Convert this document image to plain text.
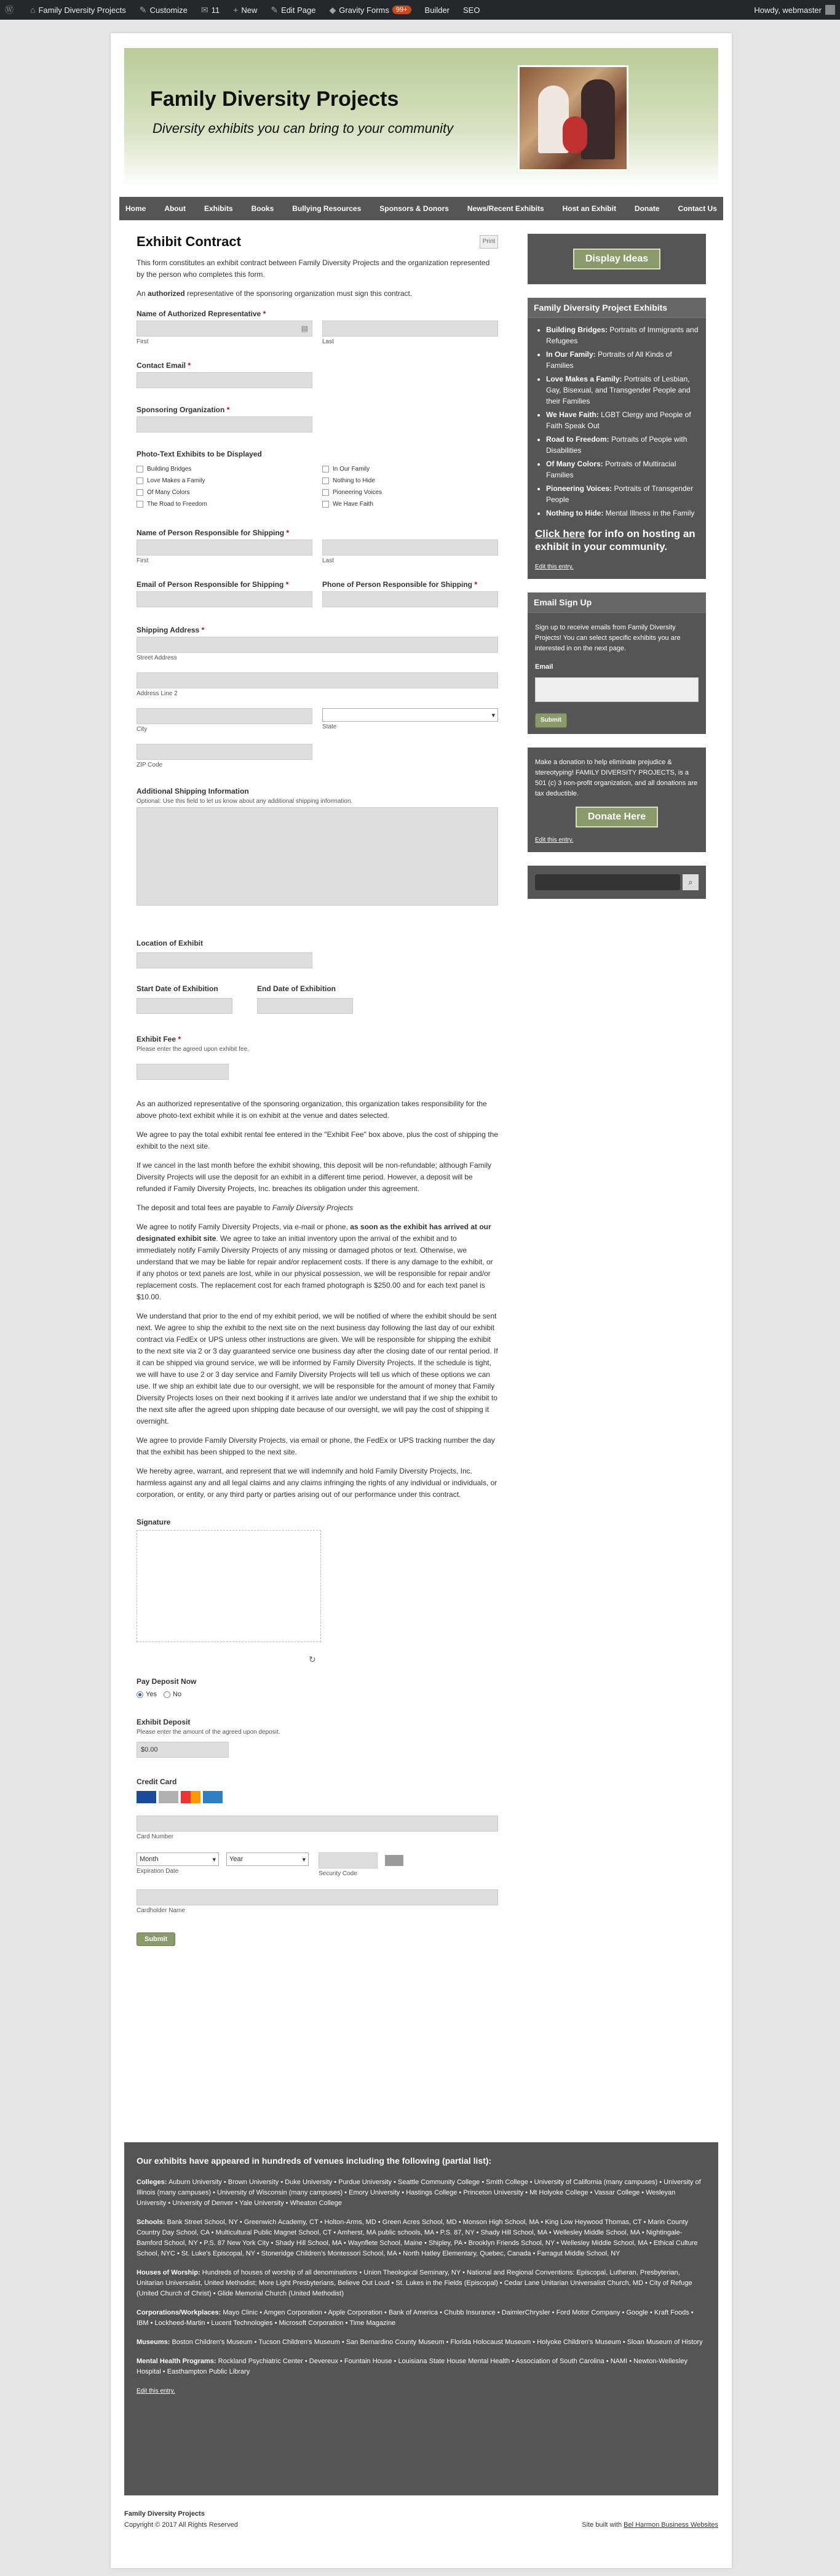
Ⓦ ⌂ Family Diversity Projects ✎ Customize ✉ 11 + New ✎ Edit Page ◆ Gravity Forms	99+	Builder SEO	Howdy, webmaster
Family Diversity Projects
Diversity exhibits you can bring to your community
Home	About	Exhibits	Books	Bullying Resources	Sponsors & Donors	News/Recent Exhibits	Host an Exhibit	Donate	Contact Us
Exhibit Contract	Print

This form constitutes an exhibit contract between Family Diversity Projects and the organization represented by the person who completes this form.

An authorized representative of the sponsoring organization must sign this contract.

Name of Authorized Representative *
▤
First	Last
Contact Email *
Sponsoring Organization *
Photo-Text Exhibits to be Displayed
Building Bridges
Love Makes a Family
Of Many Colors
The Road to Freedom
In Our Family
Nothing to Hide
Pioneering Voices
We Have Faith
Name of Person Responsible for Shipping *
First	Last
Email of Person Responsible for Shipping *	Phone of Person Responsible for Shipping *
Shipping Address *
Street Address
Address Line 2
City
▾
State
ZIP Code
Additional Shipping Information
Optional: Use this field to let us know about any additional shipping information.
Location of Exhibit
Start Date of Exhibition	End Date of Exhibition
Exhibit Fee *
Please enter the agreed upon exhibit fee.

As an authorized representative of the sponsoring organization, this organization takes responsibility for the above photo-text exhibit while it is on exhibit at the venue and dates selected.

We agree to pay the total exhibit rental fee entered in the "Exhibit Fee" box above, plus the cost of shipping the exhibit to the next site.

If we cancel in the last month before the exhibit showing, this deposit will be non-refundable; although Family Diversity Projects will use the deposit for an exhibit in a different time period. However, a deposit will be refunded if Family Diversity Projects, Inc. breaches its obligation under this agreement.

The deposit and total fees are payable to Family Diversity Projects

We agree to notify Family Diversity Projects, via e-mail or phone, as soon as the exhibit has arrived at our designated exhibit site. We agree to take an initial inventory upon the arrival of the exhibit and to immediately notify Family Diversity Projects of any missing or damaged photos or text. Otherwise, we understand that we may be liable for repair and/or replacement costs. If there is any damage to the exhibit, or if any photos or text panels are lost, while in our physical possession, we will be responsible for repair and/or replacement costs. The replacement cost for each framed photograph is $250.00 and for each text panel is $10.00.

We understand that prior to the end of my exhibit period, we will be notified of where the exhibit should be sent next. We agree to ship the exhibit to the next site on the next business day following the last day of our exhibit contract via FedEx or UPS unless other instructions are given. We will be responsible for shipping the exhibit to the next site via 2 or 3 day guaranteed service one business day after the closing date of our rental period. If it can be shipped via ground service, we will be informed by Family Diversity Projects. If the schedule is tight, we will have to use 2 or 3 day service and Family Diversity Projects will tell us which of these options we can use. If we ship an exhibit late due to our oversight, we will be responsible for the amount of money that Family Diversity Projects loses on their next booking if it arrives late and/or we understand that if we ship the exhibit to the next site after the agreed upon shipping date because of our oversight, we will pay the cost of shipping it overnight.

We agree to provide Family Diversity Projects, via email or phone, the FedEx or UPS tracking number the day that the exhibit has been shipped to the next site.

We hereby agree, warrant, and represent that we will indemnify and hold Family Diversity Projects, Inc. harmless against any and all legal claims and any claims infringing the rights of any individual or individuals, or corporation, or entity, or any third party or parties arising out of our performance under this contract.

Signature
↻
Pay Deposit Now
Yes No
Exhibit Deposit
Please enter the amount of the agreed upon deposit.
$0.00
Credit Card
Card Number
Month	▾ Year	▾
Expiration Date	Security Code
Cardholder Name
Submit
Display Ideas
Family Diversity Project Exhibits
• Building Bridges: Portraits of Immigrants and Refugees
• In Our Family: Portraits of All Kinds of Families
• Love Makes a Family: Portraits of Lesbian, Gay, Bisexual, and Transgender People and their Families
• We Have Faith: LGBT Clergy and People of Faith Speak Out
• Road to Freedom: Portraits of People with Disabilities
• Of Many Colors: Portraits of Multiracial Families
• Pioneering Voices: Portraits of Transgender People
• Nothing to Hide: Mental Illness in the Family

Click here for info on hosting an exhibit in your community.

Edit this entry.

Email Sign Up

Sign up to receive emails from Family Diversity Projects! You can select specific exhibits you are interested in on the next page.

Email
Submit

Make a donation to help eliminate prejudice & stereotyping! FAMILY DIVERSITY PROJECTS, is a 501 (c) 3 non-profit organization, and all donations are tax deductible.

Donate Here

Edit this entry.

⌕
Our exhibits have appeared in hundreds of venues including the following (partial list):
Colleges: Auburn University • Brown University • Duke University • Purdue University • Seattle Community College • Smith College • University of California (many campuses) • University of Illinois (many campuses) • University of Wisconsin (many campuses) • Emory University • Hastings College • Princeton University • Mt Holyoke College • Vassar College • Wesleyan University • University of Denver • Yale University • Wheaton College
Schools: Bank Street School, NY • Greenwich Academy, CT • Holton-Arms, MD • Green Acres School, MD • Monson High School, MA • King Low Heywood Thomas, CT • Marin County Country Day School, CA • Multicultural Public Magnet School, CT • Amherst, MA public schools, MA • P.S. 87, NY • Shady Hill School, MA • Wellesley Middle School, MA • Nightingale-Bamford School, NY • P.S. 87 New York City • Shady Hill School, MA • Waynflete School, Maine • Shipley, PA • Brooklyn Friends School, NY • Wellesley Middle School, MA • Ethical Culture School, NYC • St. Luke's Episcopal, NY • Stoneridge Children's Montessori School, MA • North Hatley Elementary, Quebec, Canada • Farragut Middle School, NY
Houses of Worship: Hundreds of houses of worship of all denominations • Union Theological Seminary, NY • National and Regional Conventions: Episcopal, Lutheran, Presbyterian, Unitarian Universalist, United Methodist; More Light Presbyterians, Believe Out Loud • St. Lukes in the Fields (Episcopal) • Cedar Lane Unitarian Universalist Church, MD • City of Refuge (United Church of Christ) • Glide Memorial Church (United Methodist)
Corporations/Workplaces: Mayo Clinic • Amgen Corporation • Apple Corporation • Bank of America • Chubb Insurance • DaimlerChrysler • Ford Motor Company • Google • Kraft Foods • IBM • Lockheed-Martin • Lucent Technologies • Microsoft Corporation • Time Magazine
Museums: Boston Children's Museum • Tucson Children's Museum • San Bernardino County Museum • Florida Holocaust Museum • Holyoke Children's Museum • Sloan Museum of History
Mental Health Programs: Rockland Psychiatric Center • Devereux • Fountain House • Louisiana State House Mental Health • Association of South Carolina • NAMI • Newton-Wellesley Hospital • Easthampton Public Library

Edit this entry.

Family Diversity Projects
Copyright © 2017 All Rights Reserved	Site built with Bel Harmon Business Websites
